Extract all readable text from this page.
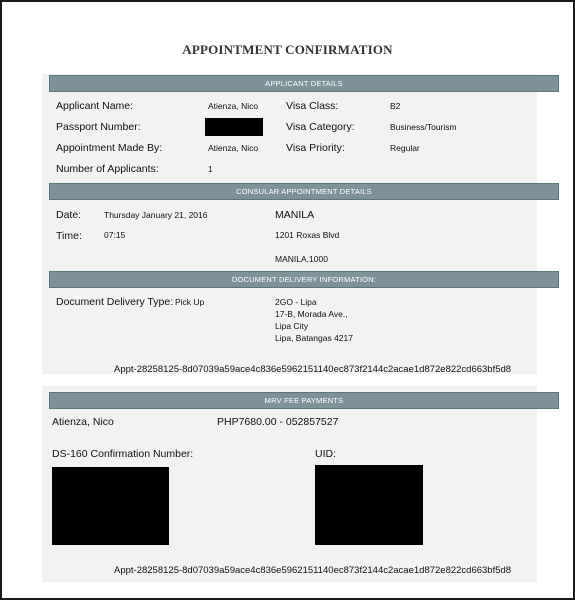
APPOINTMENT CONFIRMATION
APPLICANT DETAILS
Applicant Name:	Atienza, Nico
Passport Number:
Appointment Made By:	Atienza, Nico
Number of Applicants:	1
Visa Class:	B2
Visa Category:	Business/Tourism
Visa Priority:	Regular
CONSULAR APPOINTMENT DETAILS
Date:	Thursday January 21, 2016
Time:	07:15
MANILA
1201 Roxas Blvd
MANILA,1000
DOCUMENT DELIVERY INFORMATION:
Document Delivery Type: Pick Up	2GO - Lipa
17-B, Morada Ave.,
Lipa City
Lipa, Batangas 4217
Appt-28258125-8d07039a59ace4c836e5962151140ec873f2144c2acae1d872e822cd663bf5d8
MRV FEE PAYMENTS
Atienza, Nico	PHP7680.00 - 052857527
DS-160 Confirmation Number:	UID:
Appt-28258125-8d07039a59ace4c836e5962151140ec873f2144c2acae1d872e822cd663bf5d8
